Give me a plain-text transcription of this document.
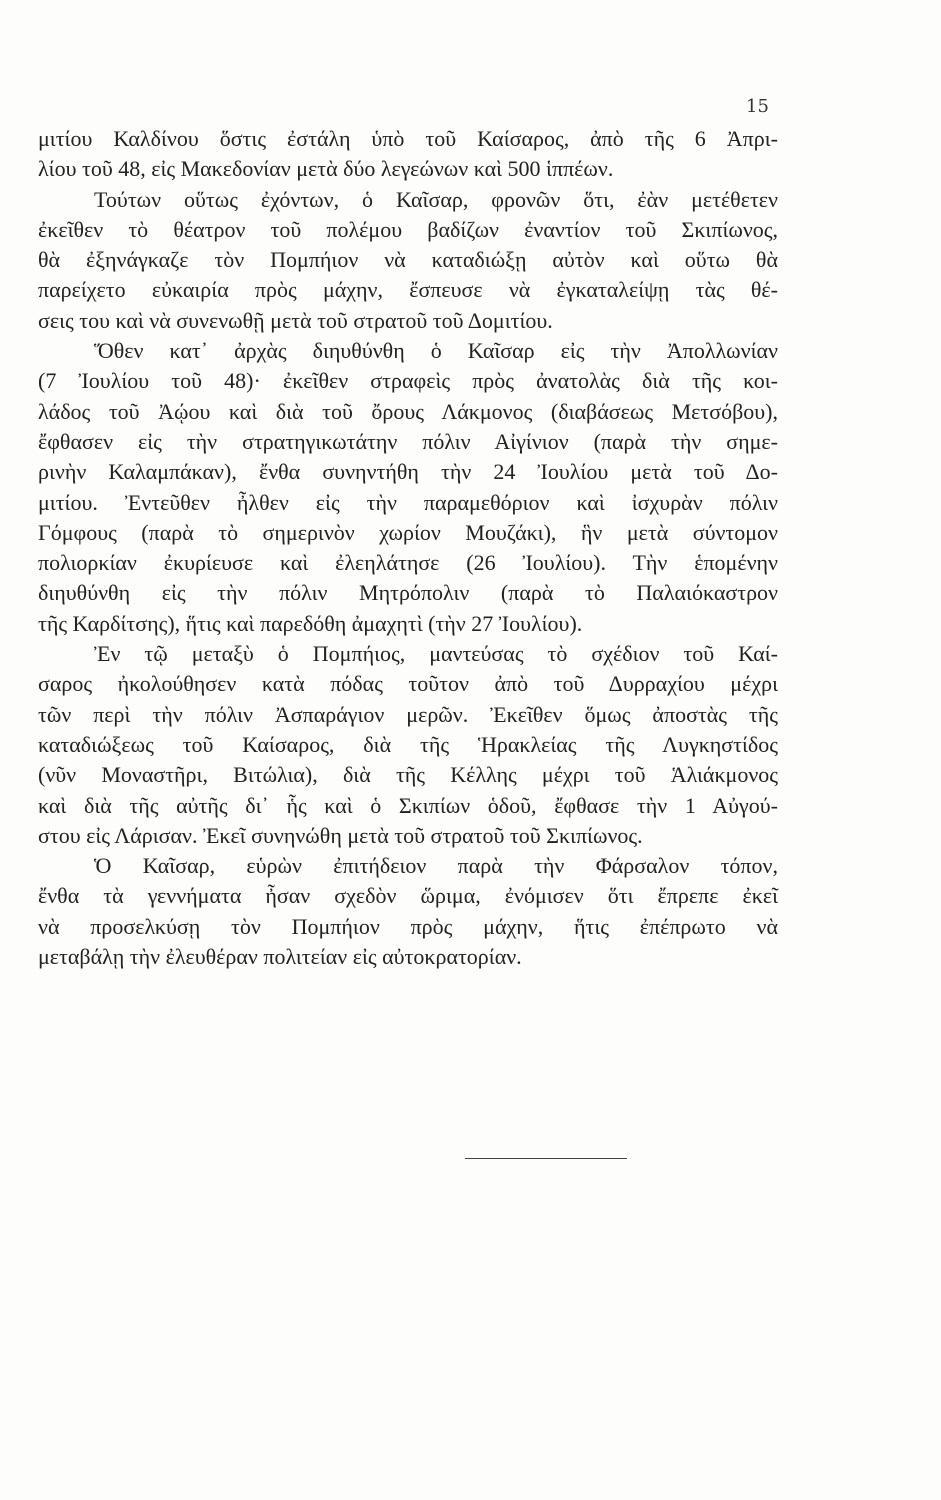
15
μιτίου Καλδίνου ὅστις ἐστάλη ὑπὸ τοῦ Καίσαρος, ἀπὸ τῆς 6 Ἀπρι-
λίου τοῦ 48, εἰς Μακεδονίαν μετὰ δύο λεγεώνων καὶ 500 ἱππέων.
Τούτων οὕτως ἐχόντων, ὁ Καῖσαρ, φρονῶν ὅτι, ἐὰν μετέθετεν
ἐκεῖθεν τὸ θέατρον τοῦ πολέμου βαδίζων ἐναντίον τοῦ Σκιπίωνος,
θὰ ἐξηνάγκαζε τὸν Πομπήιον νὰ καταδιώξῃ αὐτὸν καὶ οὕτω θὰ
παρείχετο εὐκαιρία πρὸς μάχην, ἔσπευσε νὰ ἐγκαταλείψῃ τὰς θέ-
σεις του καὶ νὰ συνενωθῇ μετὰ τοῦ στρατοῦ τοῦ Δομιτίου.
Ὅθεν κατ᾽ ἀρχὰς διηυθύνθη ὁ Καῖσαρ εἰς τὴν Ἀπολλωνίαν
(7 Ἰουλίου τοῦ 48)· ἐκεῖθεν στραφεὶς πρὸς ἀνατολὰς διὰ τῆς κοι-
λάδος τοῦ Ἀῴου καὶ διὰ τοῦ ὄρους Λάκμονος (διαβάσεως Μετσόβου),
ἔφθασεν εἰς τὴν στρατηγικωτάτην πόλιν Αἰγίνιον (παρὰ τὴν σημε-
ρινὴν Καλαμπάκαν), ἔνθα συνηντήθη τὴν 24 Ἰουλίου μετὰ τοῦ Δο-
μιτίου. Ἐντεῦθεν ἦλθεν εἰς τὴν παραμεθόριον καὶ ἰσχυρὰν πόλιν
Γόμφους (παρὰ τὸ σημερινὸν χωρίον Μουζάκι), ἣν μετὰ σύντομον
πολιορκίαν ἐκυρίευσε καὶ ἐλεηλάτησε (26 Ἰουλίου). Τὴν ἑπομένην
διηυθύνθη εἰς τὴν πόλιν Μητρόπολιν (παρὰ τὸ Παλαιόκαστρον
τῆς Καρδίτσης), ἥτις καὶ παρεδόθη ἀμαχητὶ (τὴν 27 Ἰουλίου).
Ἐν τῷ μεταξὺ ὁ Πομπήιος, μαντεύσας τὸ σχέδιον τοῦ Καί-
σαρος ἠκολούθησεν κατὰ πόδας τοῦτον ἀπὸ τοῦ Δυρραχίου μέχρι
τῶν περὶ τὴν πόλιν Ἀσπαράγιον μερῶν. Ἐκεῖθεν ὅμως ἀποστὰς τῆς
καταδιώξεως τοῦ Καίσαρος, διὰ τῆς Ἡρακλείας τῆς Λυγκηστίδος
(νῦν Μοναστῆρι, Βιτώλια), διὰ τῆς Κέλλης μέχρι τοῦ Ἁλιάκμονος
καὶ διὰ τῆς αὐτῆς δι᾽ ἧς καὶ ὁ Σκιπίων ὁδοῦ, ἔφθασε τὴν 1 Αὐγού-
στου εἰς Λάρισαν. Ἐκεῖ συνηνώθη μετὰ τοῦ στρατοῦ τοῦ Σκιπίωνος.
Ὁ Καῖσαρ, εὑρὼν ἐπιτήδειον παρὰ τὴν Φάρσαλον τόπον,
ἔνθα τὰ γεννήματα ἦσαν σχεδὸν ὥριμα, ἐνόμισεν ὅτι ἔπρεπε ἐκεῖ
νὰ προσελκύσῃ τὸν Πομπήιον πρὸς μάχην, ἥτις ἐπέπρωτο νὰ
μεταβάλῃ τὴν ἐλευθέραν πολιτείαν εἰς αὐτοκρατορίαν.
